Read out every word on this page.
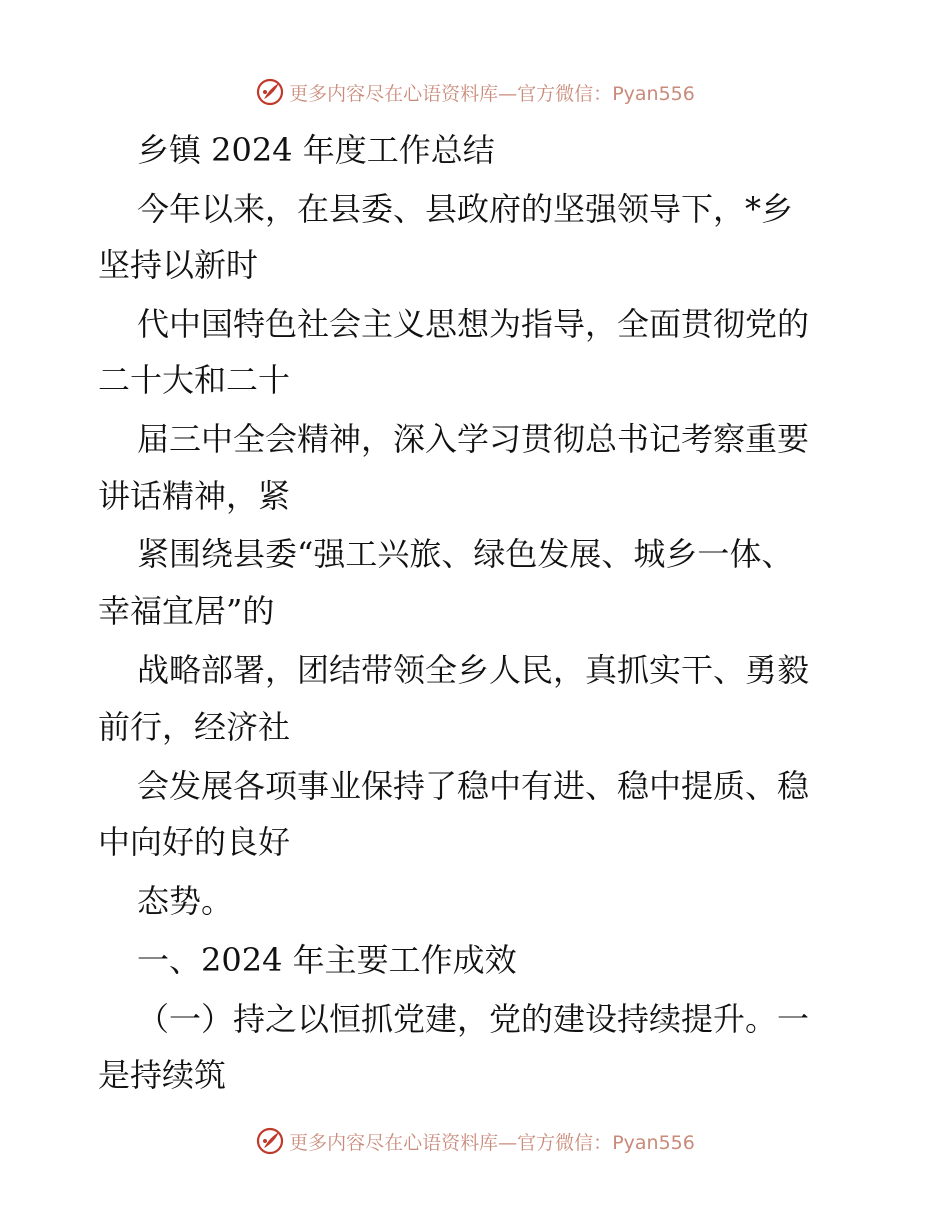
更多内容尽在心语资料库—官方微信：Pyan556
乡镇 2024 年度工作总结
今年以来，在县委、县政府的坚强领导下，*乡
坚持以新时
代中国特色社会主义思想为指导，全面贯彻党的
二十大和二十
届三中全会精神，深入学习贯彻总书记考察重要
讲话精神，紧
紧围绕县委“强工兴旅、绿色发展、城乡一体、
幸福宜居”的
战略部署，团结带领全乡人民，真抓实干、勇毅
前行，经济社
会发展各项事业保持了稳中有进、稳中提质、稳
中向好的良好
态势。
一、2024 年主要工作成效
（一）持之以恒抓党建，党的建设持续提升。一
是持续筑
更多内容尽在心语资料库—官方微信：Pyan556
